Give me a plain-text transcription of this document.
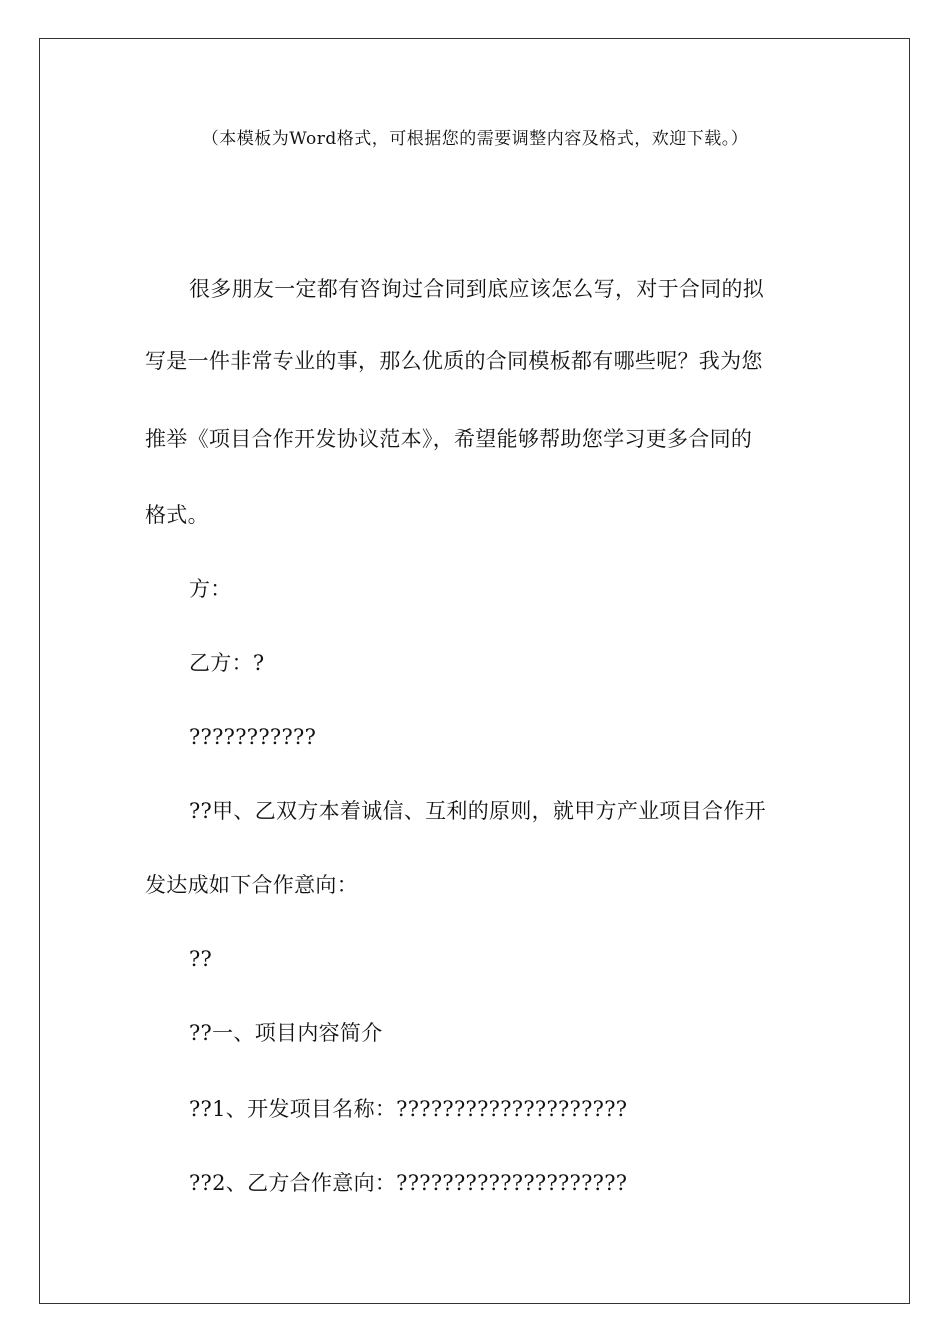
（本模板为Word格式，可根据您的需要调整内容及格式，欢迎下载。）
很多朋友一定都有咨询过合同到底应该怎么写，对于合同的拟
写是一件非常专业的事，那么优质的合同模板都有哪些呢？我为您
推举《项目合作开发协议范本》，希望能够帮助您学习更多合同的
格式。
方：
乙方：?
???????????
??甲、乙双方本着诚信、互利的原则，就甲方产业项目合作开
发达成如下合作意向：
??
??一、项目内容简介
??1、开发项目名称：????????????????????
??2、乙方合作意向：????????????????????
